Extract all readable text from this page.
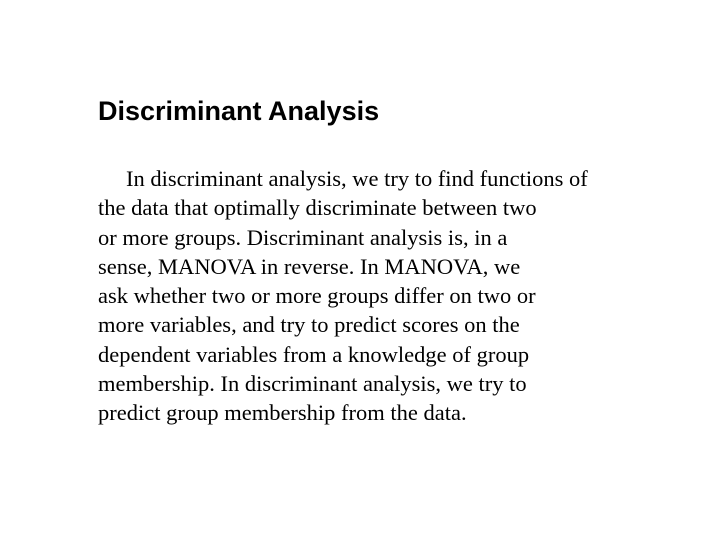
Discriminant Analysis

In discriminant analysis, we try to find functions of
the data that optimally discriminate between two
or more groups. Discriminant analysis is, in a
sense, MANOVA in reverse. In MANOVA, we
ask whether two or more groups differ on two or
more variables, and try to predict scores on the
dependent variables from a knowledge of group
membership. In discriminant analysis, we try to
predict group membership from the data.
